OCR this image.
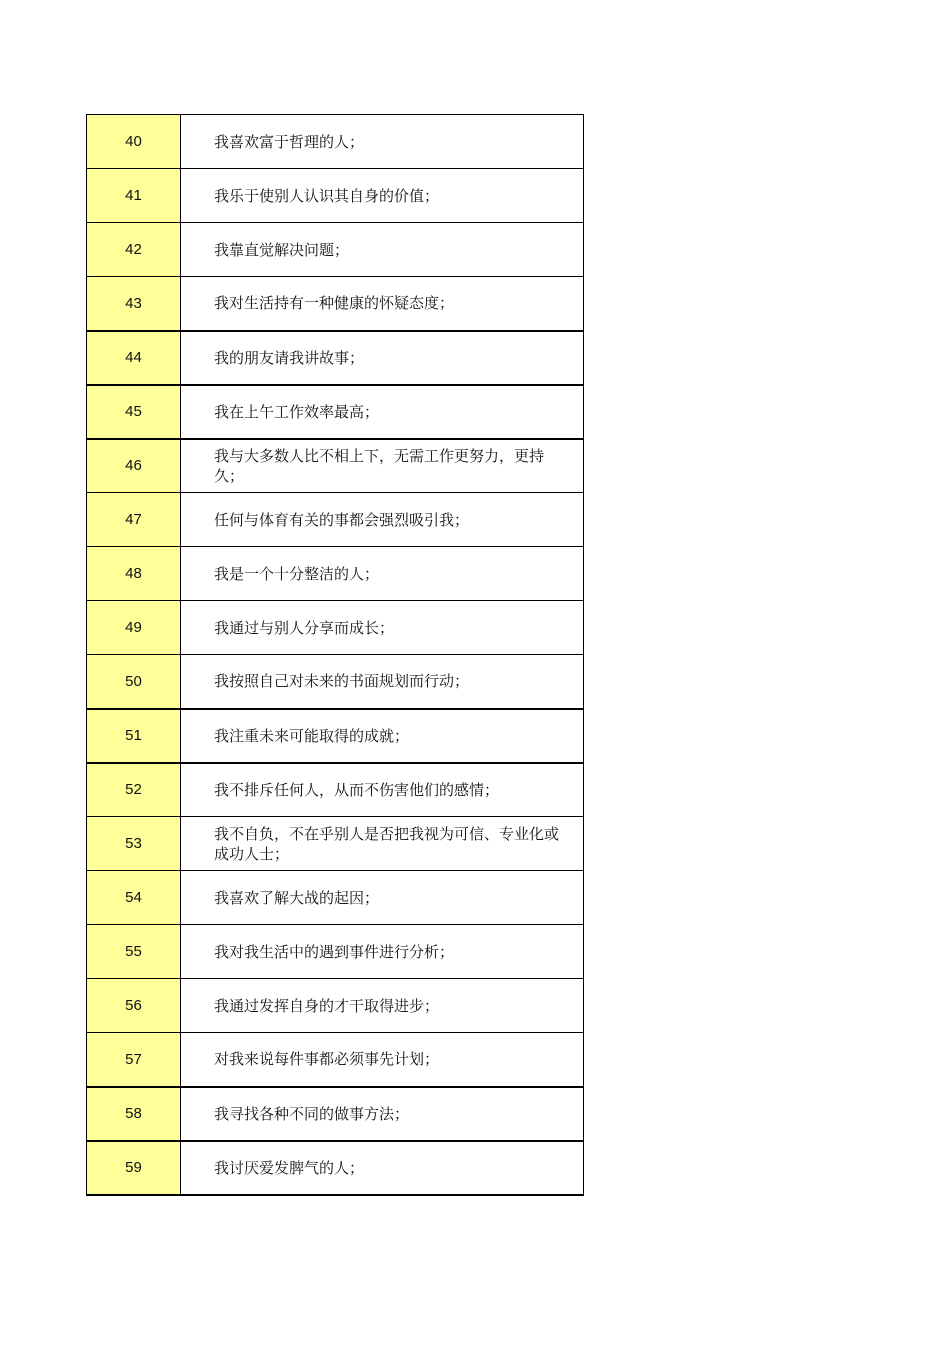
40	我喜欢富于哲理的人；
41	我乐于使别人认识其自身的价值；
42	我靠直觉解决问题；
43	我对生活持有一种健康的怀疑态度；
44	我的朋友请我讲故事；
45	我在上午工作效率最高；
46	我与大多数人比不相上下，无需工作更努力，更持久；
47	任何与体育有关的事都会强烈吸引我；
48	我是一个十分整洁的人；
49	我通过与别人分享而成长；
50	我按照自己对未来的书面规划而行动；
51	我注重未来可能取得的成就；
52	我不排斥任何人，从而不伤害他们的感情；
53	我不自负，不在乎别人是否把我视为可信、专业化或成功人士；
54	我喜欢了解大战的起因；
55	我对我生活中的遇到事件进行分析；
56	我通过发挥自身的才干取得进步；
57	对我来说每件事都必须事先计划；
58	我寻找各种不同的做事方法；
59	我讨厌爱发脾气的人；
